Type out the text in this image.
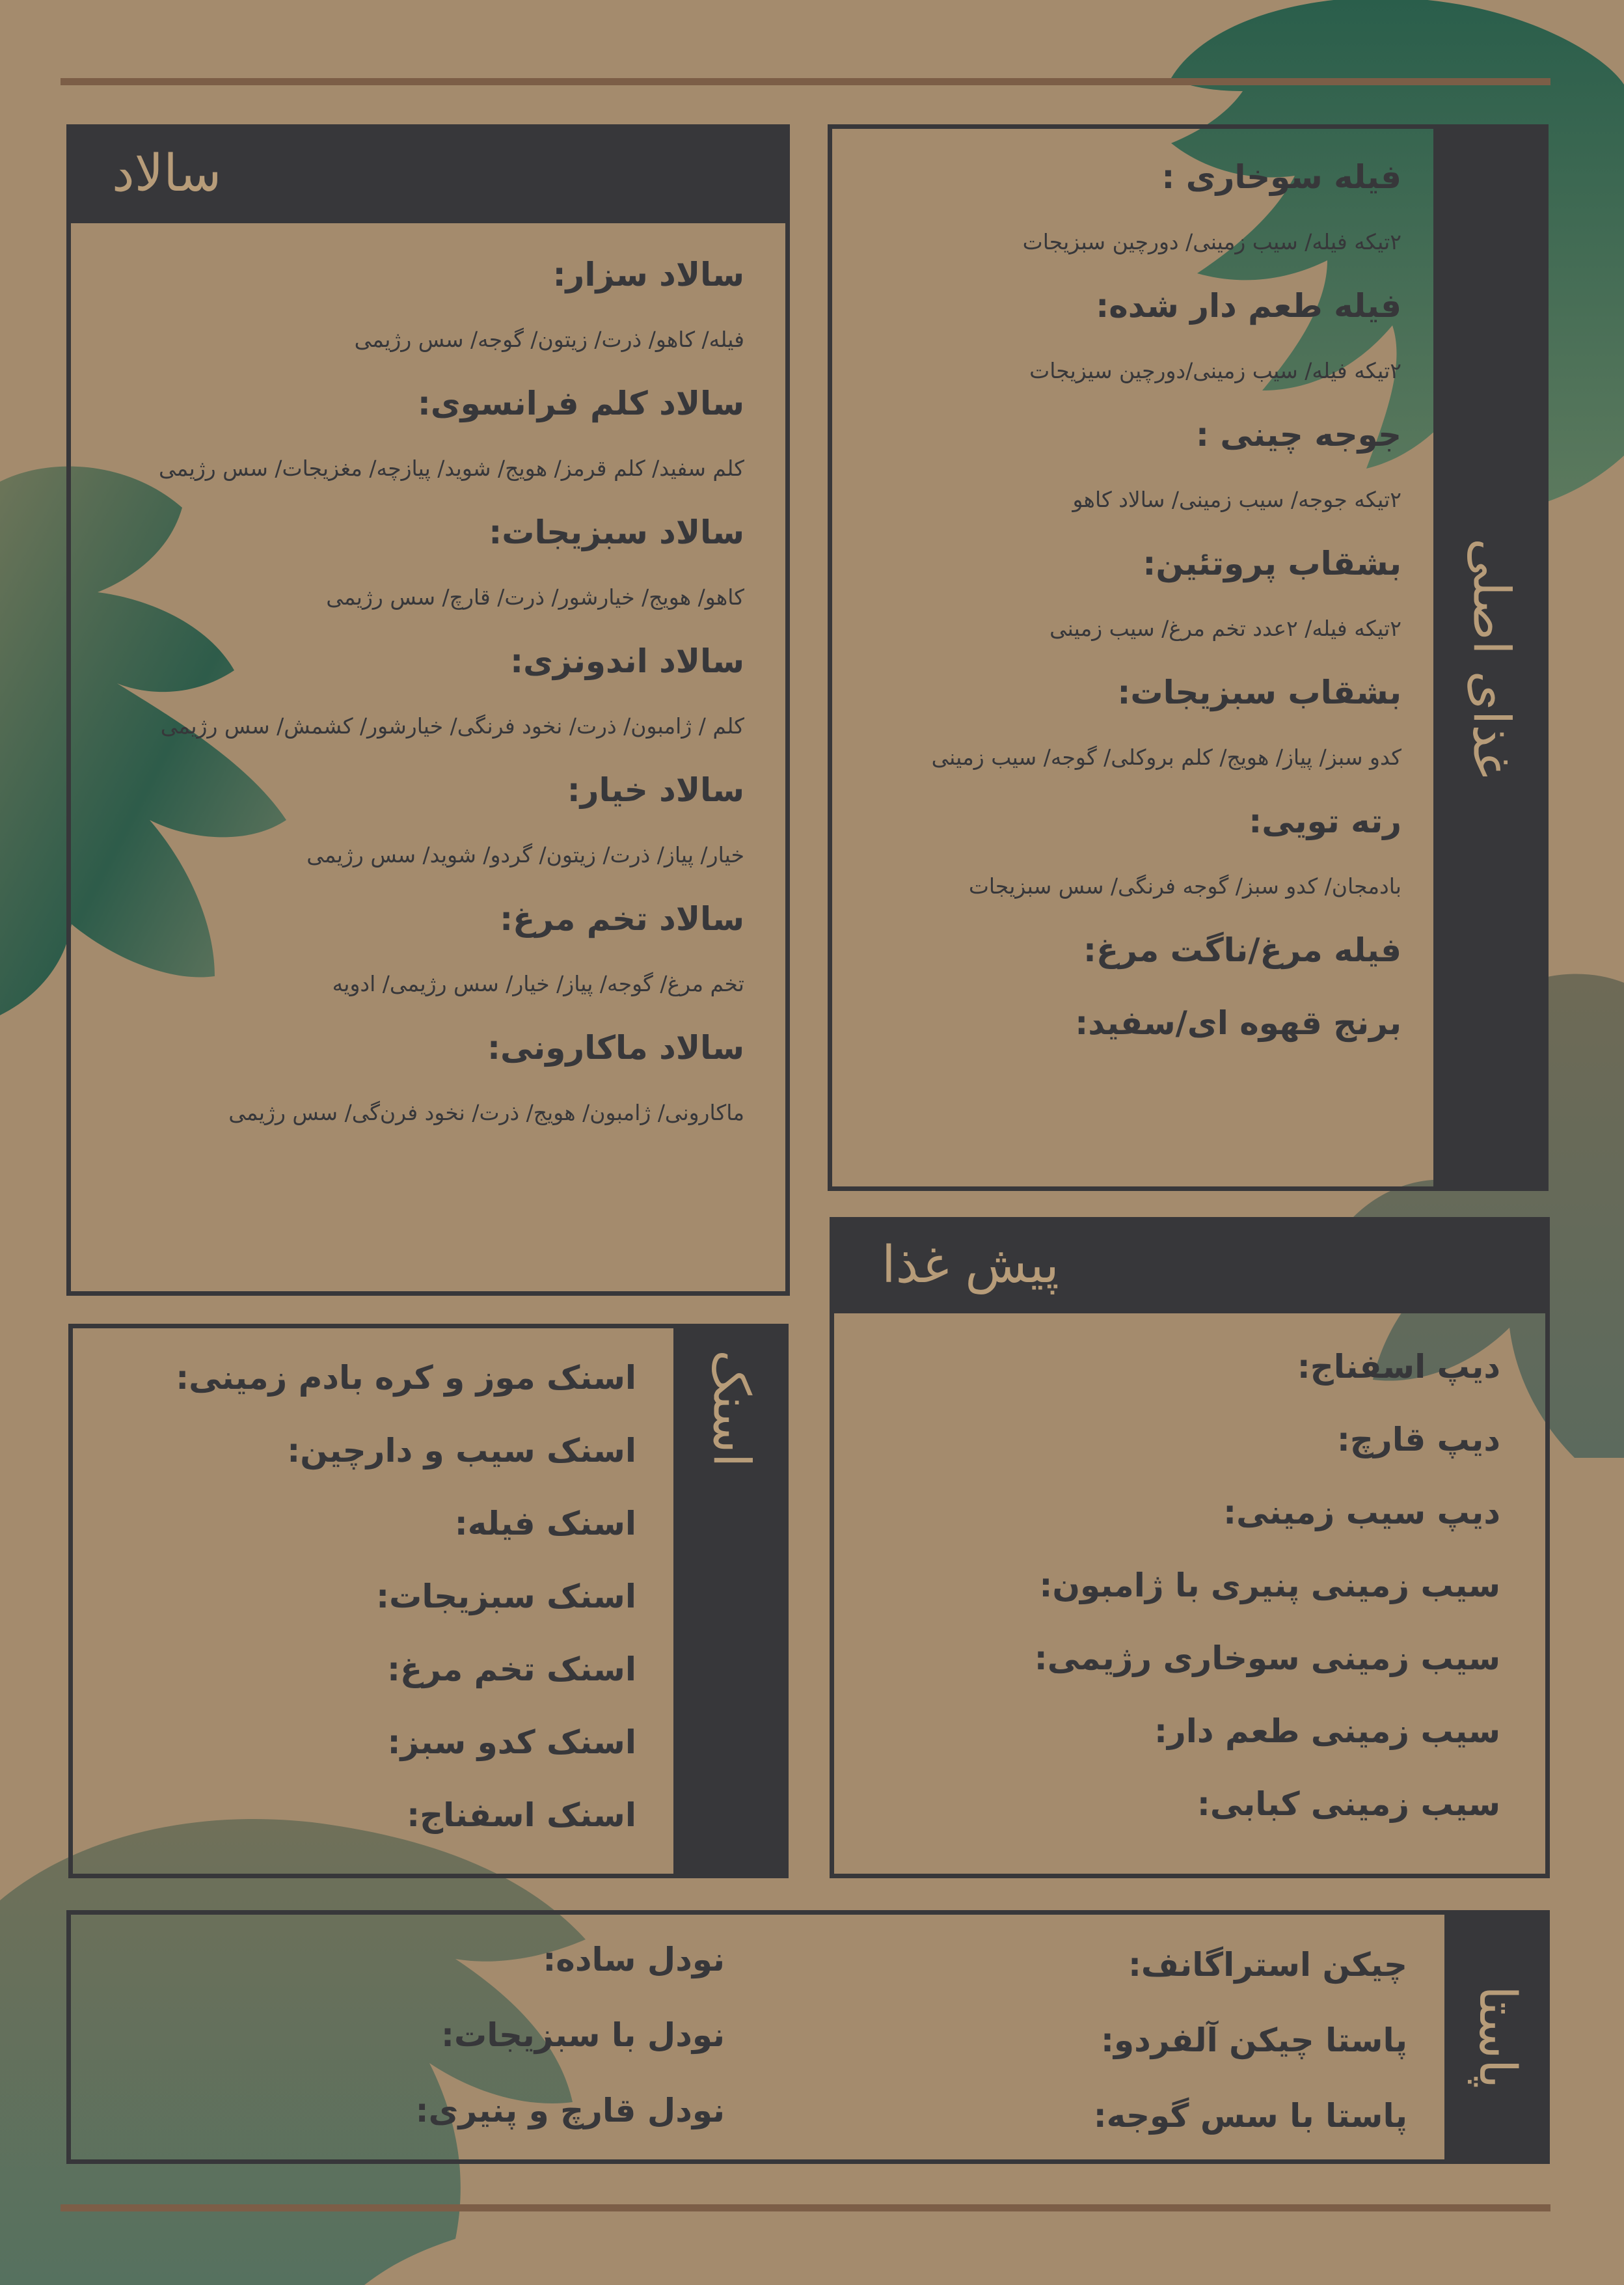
غذای اصلی
فیله سوخاری :
۲تیکه فیله/ سیب زمینی/ دورچین سبزیجات
فیله طعم دار شده:
۲تیکه فیله/ سیب زمینی/دورچین سیزیجات
جوجه چینی :
۲تیکه جوجه/ سیب زمینی/ سالاد کاهو
بشقاب پروتئین:
۲تیکه فیله/ ۲عدد تخم مرغ/ سیب زمینی
بشقاب سبزیجات:
کدو سبز/ پیاز/ هویج/ کلم بروکلی/ گوجه/ سیب زمینی
رته تویی:
بادمجان/ کدو سبز/ گوجه فرنگی/ سس سبزیجات
فیله مرغ/ناگت مرغ:
برنج قهوه ای/سفید:
سالاد
سالاد سزار:
فیله/ کاهو/ ذرت/ زیتون/ گوجه/ سس رژیمی
سالاد کلم فرانسوی:
کلم سفید/ کلم قرمز/ هویج/ شوید/ پیازچه/ مغزیجات/ سس رژیمی
سالاد سبزیجات:
کاهو/ هویج/ خیارشور/ ذرت/ قارچ/ سس رژیمی
سالاد اندونزی:
کلم / ژامبون/ ذرت/ نخود فرنگی/ خیارشور/ کشمش/ سس رژیمی
سالاد خیار:
خیار/ پیاز/ ذرت/ زیتون/ گردو/ شوید/ سس رژیمی
سالاد تخم مرغ:
تخم مرغ/ گوجه/ پیاز/ خیار/ سس رژیمی/ ادویه
سالاد ماکارونی:
ماکارونی/ ژامبون/ هویج/ ذرت/ نخود فرن‌گی/ سس رژیمی
پیش غذا
دیپ اسفناج:
دیپ قارچ:
دیپ سیب زمینی:
سیب زمینی پنیری با ژامبون:
سیب زمینی سوخاری رژیمی:
سیب زمینی طعم دار:
سیب زمینی کبابی:
اسنک
اسنک موز و کره بادم زمینی:
اسنک سیب و دارچین:
اسنک فیله:
اسنک سبزیجات:
اسنک تخم مرغ:
اسنک کدو سبز:
اسنک اسفناج:
پاستا
چیکن استراگانف:
پاستا چیکن آلفردو:
پاستا با سس گوجه:
نودل ساده:
نودل با سبزیجات:
نودل قارچ و پنیری:
